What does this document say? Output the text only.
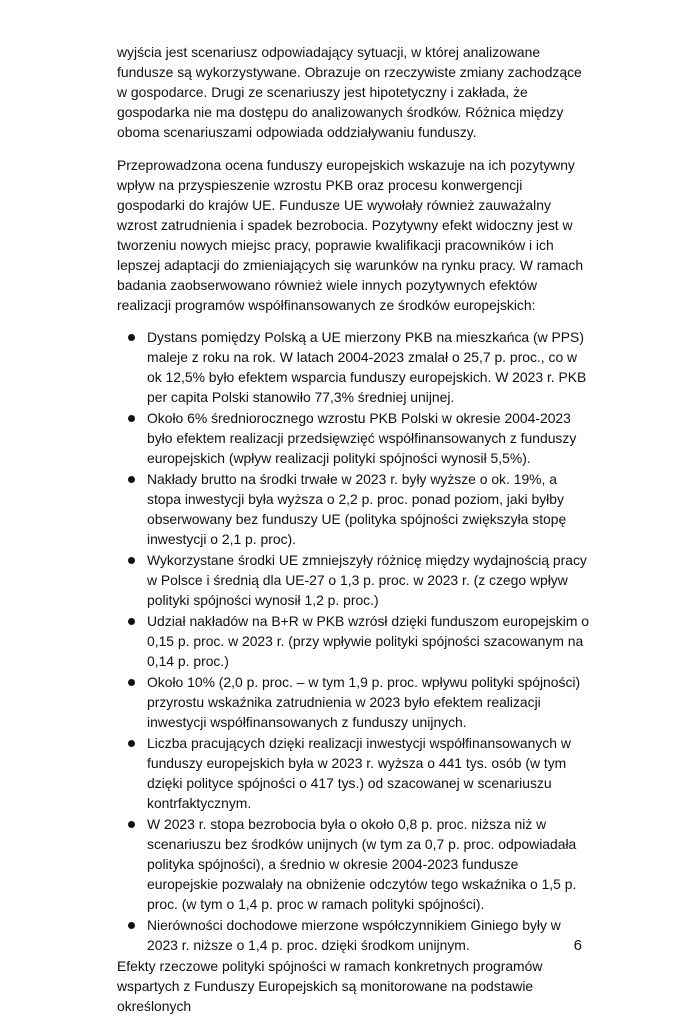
wyjścia jest scenariusz odpowiadający sytuacji, w której analizowane fundusze są wykorzystywane. Obrazuje on rzeczywiste zmiany zachodzące w gospodarce. Drugi ze scenariuszy jest hipotetyczny i zakłada, że gospodarka nie ma dostępu do analizowanych środków. Różnica między oboma scenariuszami odpowiada oddziaływaniu funduszy.

Przeprowadzona ocena funduszy europejskich wskazuje na ich pozytywny wpływ na przyspieszenie wzrostu PKB oraz procesu konwergencji gospodarki do krajów UE. Fundusze UE wywołały również zauważalny wzrost zatrudnienia i spadek bezrobocia. Pozytywny efekt widoczny jest w tworzeniu nowych miejsc pracy, poprawie kwalifikacji pracowników i ich lepszej adaptacji do zmieniających się warunków na rynku pracy. W ramach badania zaobserwowano również wiele innych pozytywnych efektów realizacji programów współfinansowanych ze środków europejskich:

Dystans pomiędzy Polską a UE mierzony PKB na mieszkańca (w PPS) maleje z roku na rok. W latach 2004-2023 zmalał o 25,7 p. proc., co w ok 12,5% było efektem wsparcia funduszy europejskich. W 2023 r. PKB per capita Polski stanowiło 77,3% średniej unijnej.
Około 6% średniorocznego wzrostu PKB Polski w okresie 2004-2023 było efektem realizacji przedsięwzięć współfinansowanych z funduszy europejskich (wpływ realizacji polityki spójności wynosił 5,5%).
Nakłady brutto na środki trwałe w 2023 r. były wyższe o ok. 19%, a stopa inwestycji była wyższa o 2,2 p. proc. ponad poziom, jaki byłby obserwowany bez funduszy UE (polityka spójności zwiększyła stopę inwestycji o 2,1 p. proc).
Wykorzystane środki UE zmniejszyły różnicę między wydajnością pracy w Polsce i średnią dla UE-27 o 1,3 p. proc. w 2023 r. (z czego wpływ polityki spójności wynosił 1,2 p. proc.)
Udział nakładów na B+R w PKB wzrósł dzięki funduszom europejskim o 0,15 p. proc. w 2023 r. (przy wpływie polityki spójności szacowanym na 0,14 p. proc.)
Około 10% (2,0 p. proc. – w tym 1,9 p. proc. wpływu polityki spójności) przyrostu wskaźnika zatrudnienia w 2023 było efektem realizacji inwestycji współfinansowanych z funduszy unijnych.
Liczba pracujących dzięki realizacji inwestycji współfinansowanych w funduszy europejskich była w 2023 r. wyższa o 441 tys. osób (w tym dzięki polityce spójności o 417 tys.) od szacowanej w scenariuszu kontrfaktycznym.
W 2023 r. stopa bezrobocia była o około 0,8 p. proc. niższa niż w scenariuszu bez środków unijnych (w tym za 0,7 p. proc. odpowiadała polityka spójności), a średnio w okresie 2004-2023 fundusze europejskie pozwalały na obniżenie odczytów tego wskaźnika o 1,5 p. proc. (w tym o 1,4 p. proc w ramach polityki spójności).
Nierówności dochodowe mierzone współczynnikiem Giniego były w 2023 r. niższe o 1,4 p. proc. dzięki środkom unijnym.

Efekty rzeczowe polityki spójności w ramach konkretnych programów wspartych z Funduszy Europejskich są monitorowane na podstawie określonych

6
